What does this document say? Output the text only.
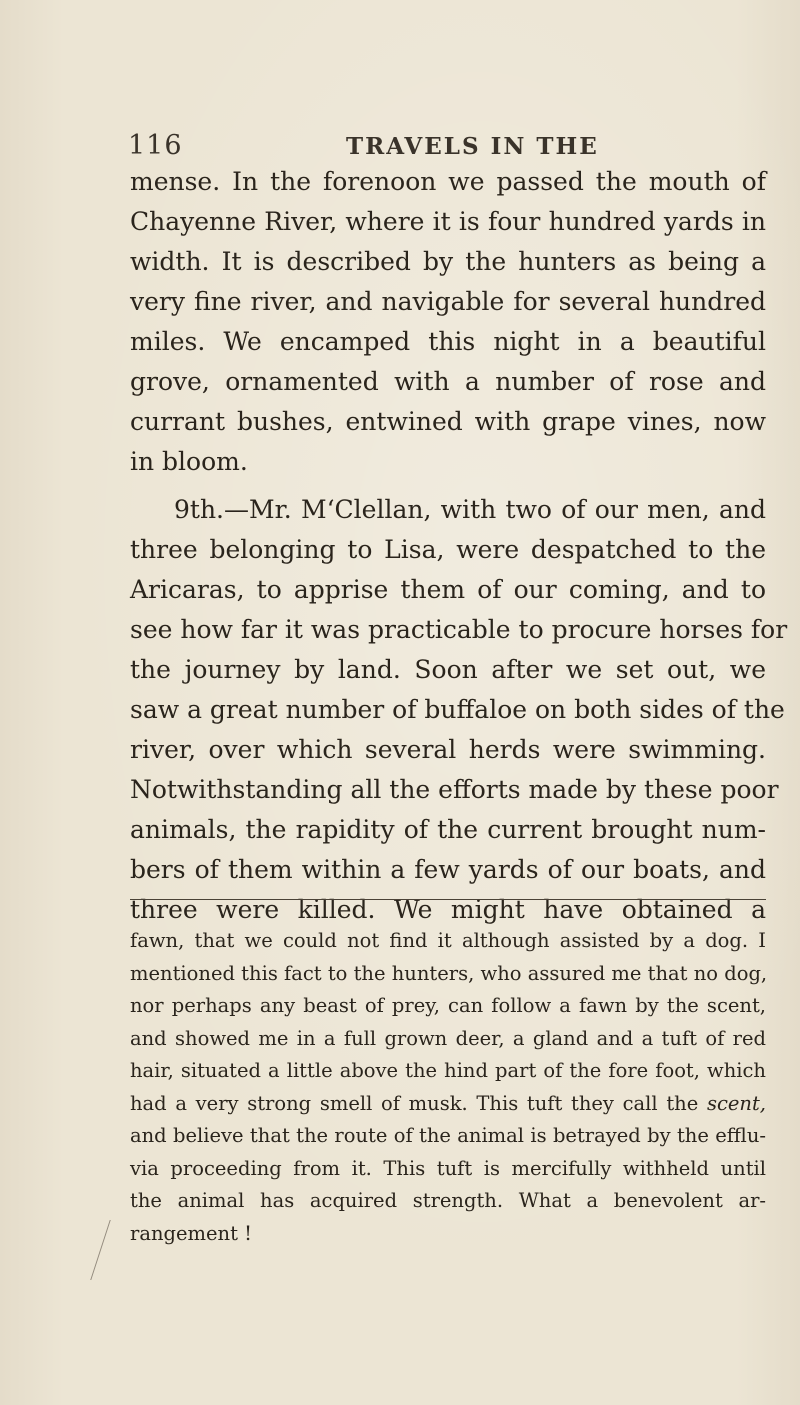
116	TRAVELS IN THE
mense. In the forenoon we passed the mouth of
Chayenne River, where it is four hundred yards in
width. It is described by the hunters as being a
very fine river, and navigable for several hundred
miles. We encamped this night in a beautiful
grove, ornamented with a number of rose and
currant bushes, entwined with grape vines, now
in bloom.
9th.—Mr. M‘Clellan, with two of our men, and
three belonging to Lisa, were despatched to the
Aricaras, to apprise them of our coming, and to
see how far it was practicable to procure horses for
the journey by land. Soon after we set out, we
saw a great number of buffaloe on both sides of the
river, over which several herds were swimming.
Notwithstanding all the efforts made by these poor
animals, the rapidity of the current brought num-
bers of them within a few yards of our boats, and
three were killed. We might have obtained a
fawn, that we could not find it although assisted by a dog. I
mentioned this fact to the hunters, who assured me that no dog,
nor perhaps any beast of prey, can follow a fawn by the scent,
and showed me in a full grown deer, a gland and a tuft of red
hair, situated a little above the hind part of the fore foot, which
had a very strong smell of musk. This tuft they call the scent,
and believe that the route of the animal is betrayed by the efflu-
via proceeding from it. This tuft is mercifully withheld until
the animal has acquired strength. What a benevolent ar-
rangement !
